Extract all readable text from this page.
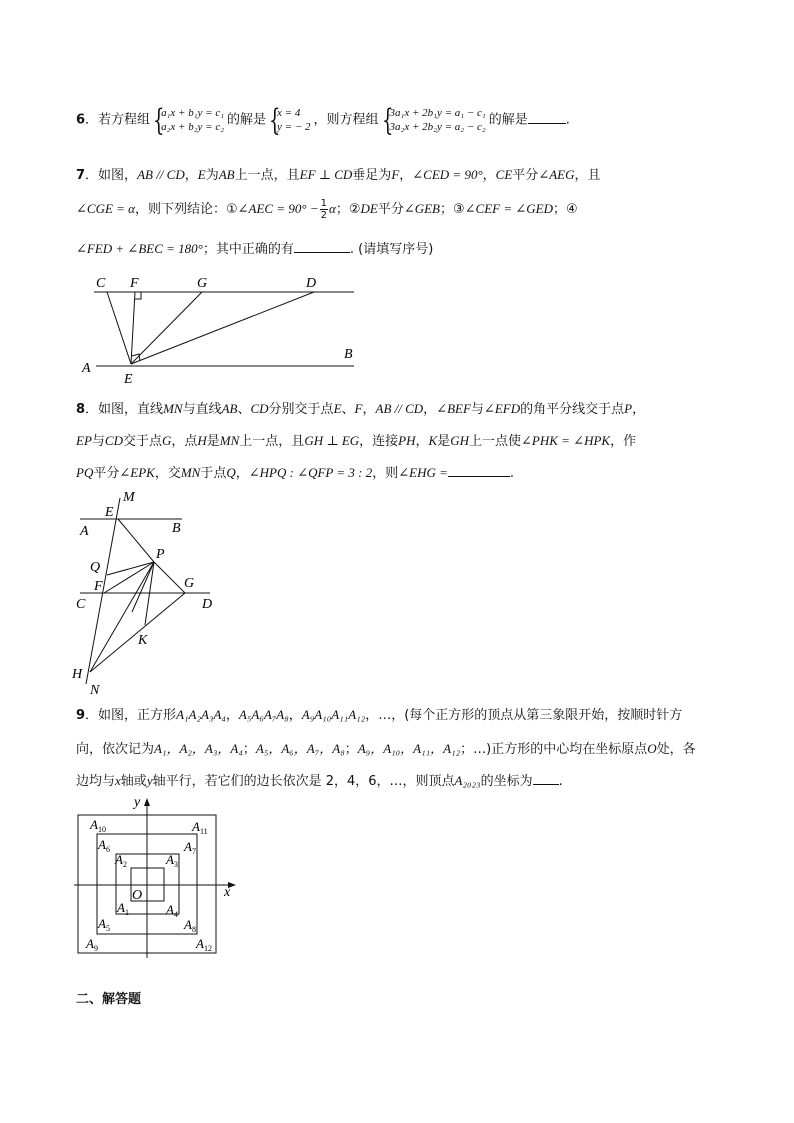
6．若方程组 {
a₁x + b₁y = c₁
a₂x + b₂y = c₂ 的解是 {
x = 4
y = − 2 ，则方程组 {
3a₁x + 2b₁y = a₁ − c₁
3a₂x + 2b₂y = a₂ − c₂ 的解是	.
7．如图，AB // CD，E为AB上一点，且EF ⊥ CD垂足为F，∠CED = 90°，CE平分∠AEG，且
∠CGE = α，则下列结论：①∠AEC = $90^\circ - \frac{1}{2}$ α；②DE平分∠GEB；③∠CEF = ∠GED；④
∠FED + ∠BEC = 180°；其中正确的有	. (请填写序号)
C F	G	D
A
B
E
8．如图，直线MN与直线AB、CD分别交于点E、F，AB // CD，∠BEF与∠EFD的角平分线交于点P，
EP与CD交于点G，点H是MN上一点，且GH ⊥ EG，连接PH，K是GH上一点使∠PHK = ∠HPK，作
PQ平分∠EPK，交MN于点Q，∠HPQ : ∠QFP = 3 : 2，则∠EHG =	.
M
E
A	B
Q
P
F	G
C	D
K
H
N
9．如图，正方形A₁A₂A₃A₄，A₅A₆A₇A₈，A₉A₁₀A₁₁A₁₂，…，(每个正方形的顶点从第三象限开始，按顺时针方
向，依次记为A₁，A₂，A₃，A₄；A₅，A₆，A₇，A₈；A₉，A₁₀，A₁₁，A₁₂；…)正方形的中心均在坐标原点O处，各
边均与x轴或y轴平行，若它们的边长依次是 2，4，6，…，则顶点A₂₀₂₃的坐标为 .
y
x
O
$A_{10}$	$A_{11}$
$A_6$	$A_7$
$A_2$	$A_3$
$A_1$	$A_4$
$A_5$	$A_8$
$A_9$	$A_{12}$
二、解答题
